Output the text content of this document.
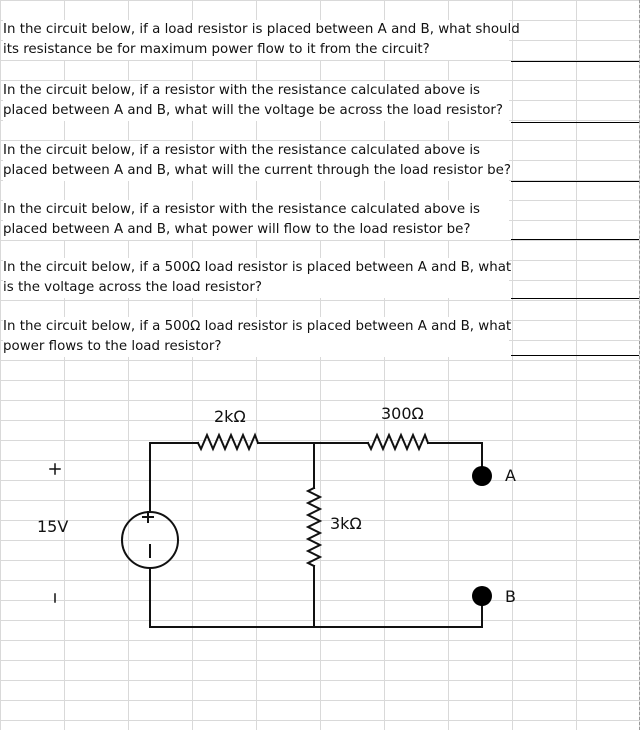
In the circuit below, if a load resistor is placed between A and B, what should
its resistance be for maximum power flow to it from the circuit?
In the circuit below, if a resistor with the resistance calculated above is
placed between A and B, what will the voltage be across the load resistor?
In the circuit below, if a resistor with the resistance calculated above is
placed between A and B, what will the current through the load resistor be?
In the circuit below, if a resistor with the resistance calculated above is
placed between A and B, what power will flow to the load resistor be?
In the circuit below, if a 500Ω load resistor is placed between A and B, what
is the voltage across the load resistor?
In the circuit below, if a 500Ω load resistor is placed between A and B, what
power flows to the load resistor?
2kΩ	300Ω
3kΩ
15V
A
B
